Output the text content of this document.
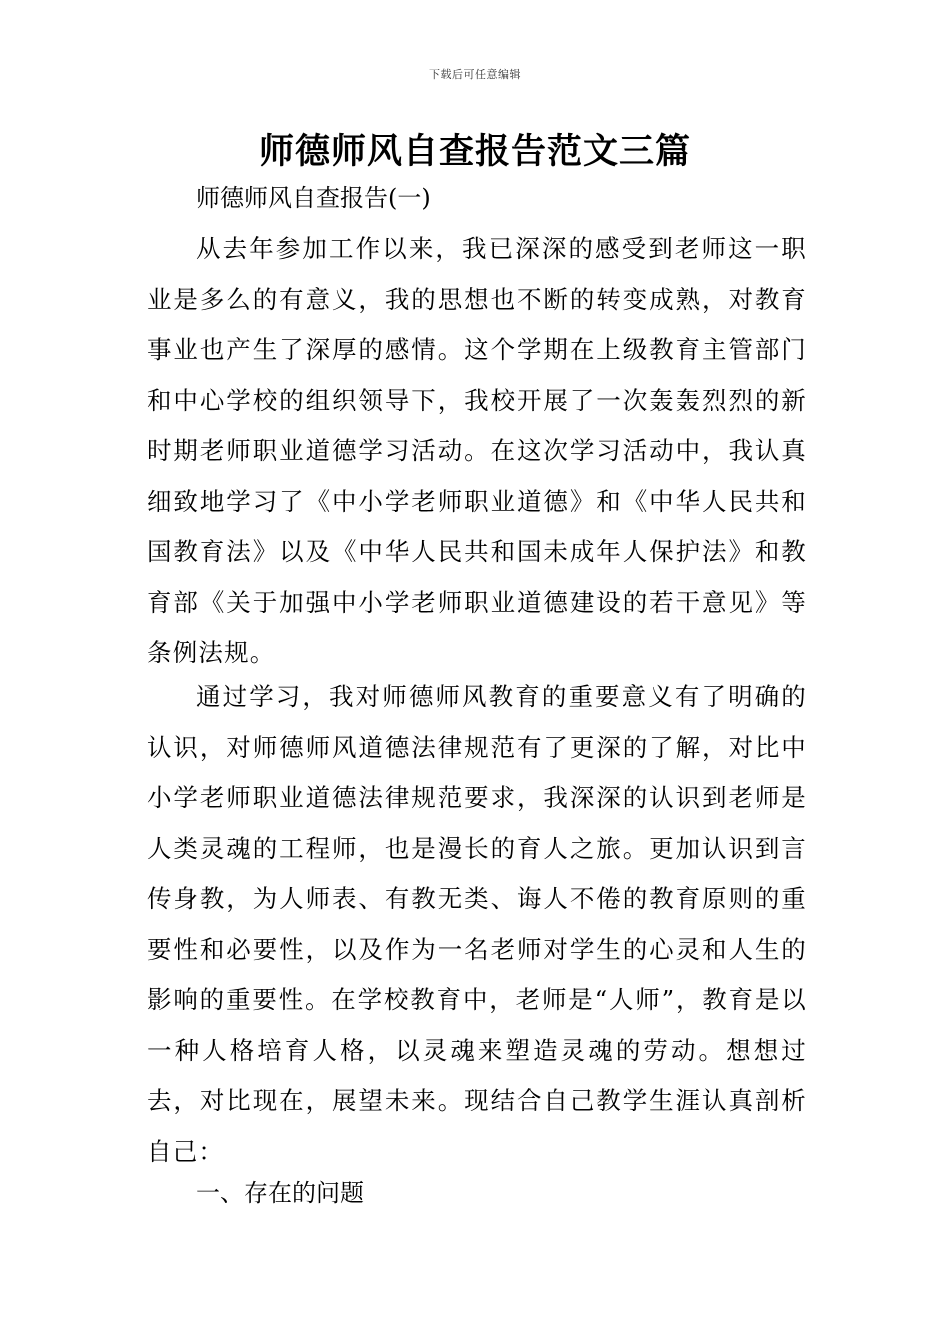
下载后可任意编辑
师德师风自查报告范文三篇

师德师风自查报告(一)

从去年参加工作以来，我已深深的感受到老师这一职业是多么的有意义，我的思想也不断的转变成熟，对教育事业也产生了深厚的感情。这个学期在上级教育主管部门和中心学校的组织领导下，我校开展了一次轰轰烈烈的新时期老师职业道德学习活动。在这次学习活动中，我认真细致地学习了《中小学老师职业道德》和《中华人民共和国教育法》以及《中华人民共和国未成年人保护法》和教育部《关于加强中小学老师职业道德建设的若干意见》等条例法规。

通过学习，我对师德师风教育的重要意义有了明确的认识，对师德师风道德法律规范有了更深的了解，对比中小学老师职业道德法律规范要求，我深深的认识到老师是人类灵魂的工程师，也是漫长的育人之旅。更加认识到言传身教，为人师表、有教无类、诲人不倦的教育原则的重要性和必要性，以及作为一名老师对学生的心灵和人生的影响的重要性。在学校教育中，老师是“人师”，教育是以一种人格培育人格，以灵魂来塑造灵魂的劳动。想想过去，对比现在，展望未来。现结合自己教学生涯认真剖析自己：

一、存在的问题
